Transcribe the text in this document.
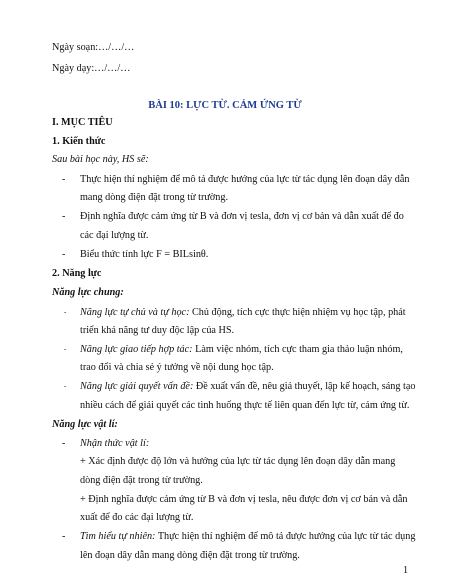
Ngày soạn:…/…/…
Ngày dạy:…/…/…
BÀI 10: LỰC TỪ. CẢM ỨNG TỪ
I. MỤC TIÊU
1. Kiến thức
Sau bài học này, HS sẽ:
- Thực hiện thí nghiệm để mô tả được hướng của lực từ tác dụng lên đoạn dây dẫn
mang dòng điện đặt trong từ trường.
- Định nghĩa được cảm ứng từ B và đơn vị tesla, đơn vị cơ bản và dẫn xuất để đo
các đại lượng từ.
- Biểu thức tính lực F = BILsinθ.
2. Năng lực
Năng lực chung:
- Năng lực tự chủ và tự học: Chủ động, tích cực thực hiện nhiệm vụ học tập, phát
triển khả năng tư duy độc lập của HS.
- Năng lực giao tiếp hợp tác: Làm việc nhóm, tích cực tham gia thảo luận nhóm,
trao đổi và chia sẻ ý tưởng về nội dung học tập.
- Năng lực giải quyết vấn đề: Đề xuất vấn đề, nêu giả thuyết, lập kế hoạch, sáng tạo
nhiều cách để giải quyết các tình huống thực tế liên quan đến lực từ, cảm ứng từ.
Năng lực vật lí:
- Nhận thức vật lí:
+ Xác định được độ lớn và hướng của lực từ tác dụng lên đoạn dây dẫn mang
dòng điện đặt trong từ trường.
+ Định nghĩa được cảm ứng từ B và đơn vị tesla, nêu được đơn vị cơ bản và dẫn
xuất để đo các đại lượng từ.
- Tìm hiểu tự nhiên: Thực hiện thí nghiệm để mô tả được hướng của lực từ tác dụng
lên đoạn dây dẫn mang dòng điện đặt trong từ trường.
1
